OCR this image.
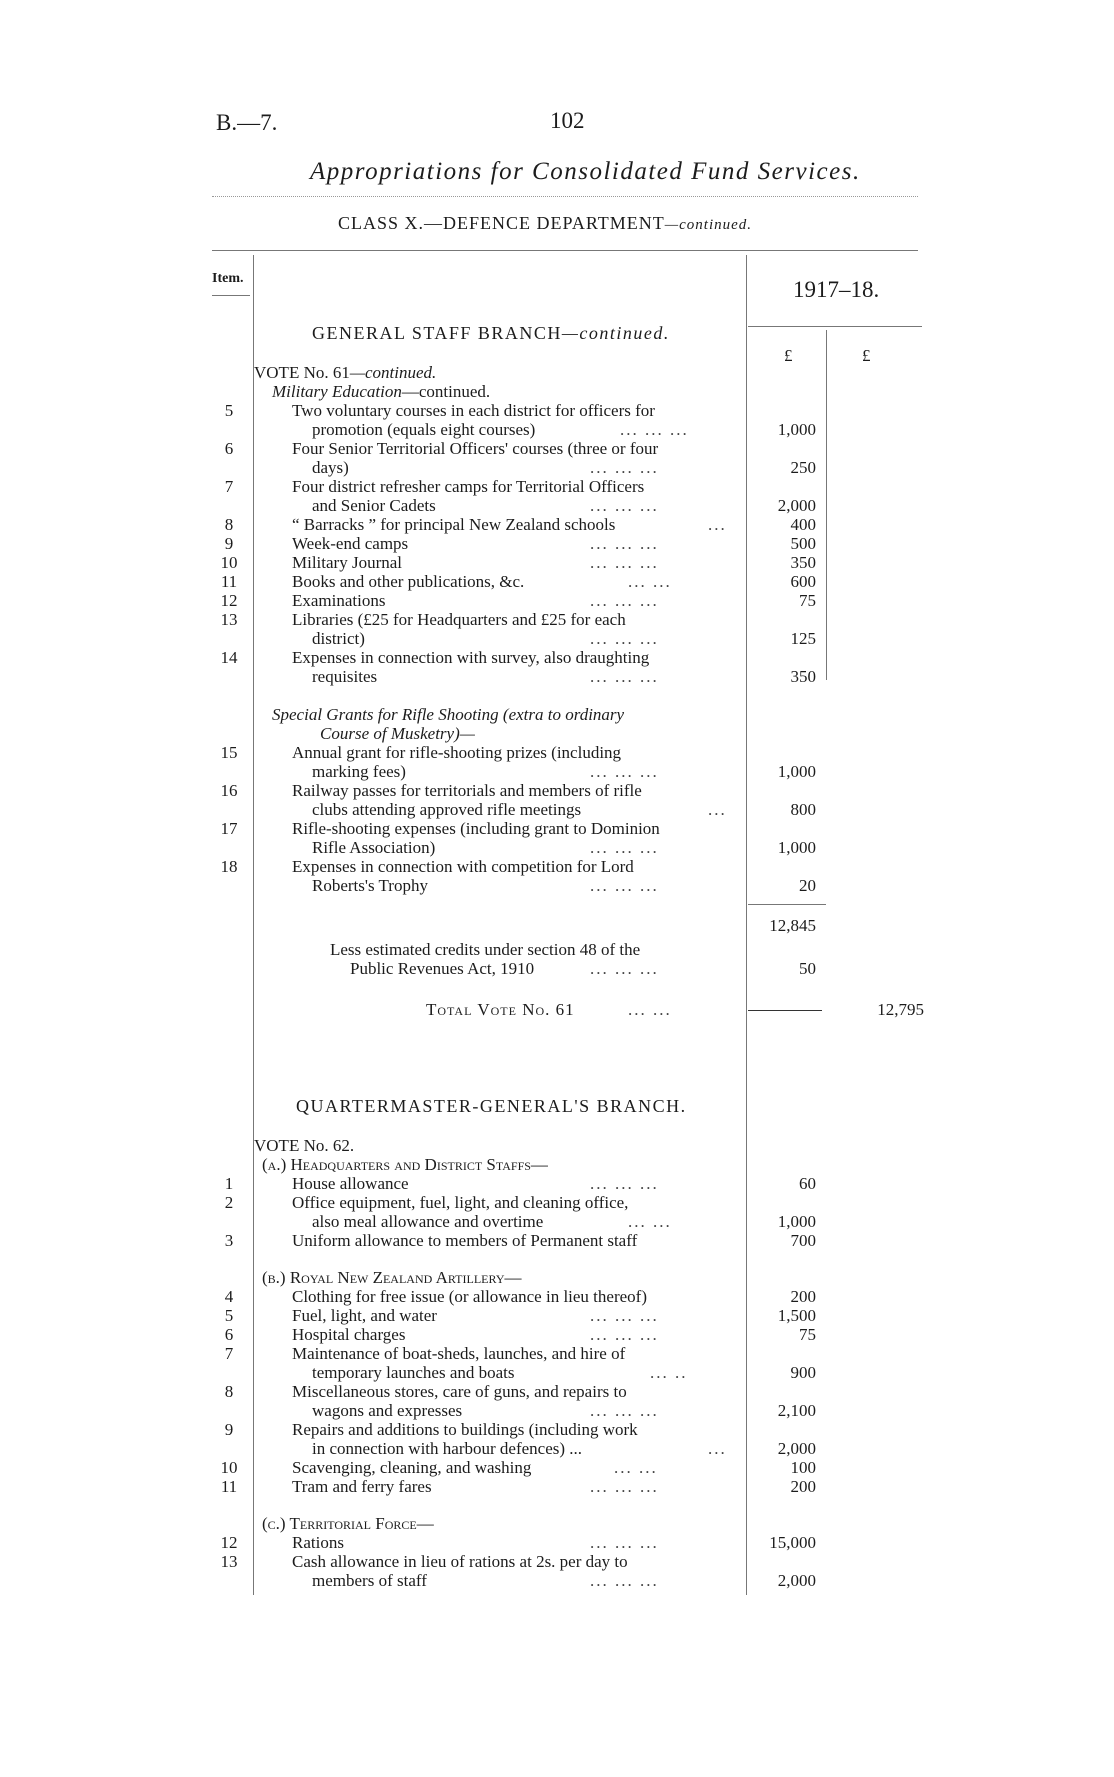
B.—7.	102
Appropriations for Consolidated Fund Services.
CLASS X.—DEFENCE DEPARTMENT—continued.
Item.	1917–18.
£	£
GENERAL STAFF BRANCH—continued.
VOTE No. 61—continued.
Military Education—continued.
5	Two voluntary courses in each district for officers for
promotion (equals eight courses)	... ... ...	1,000
6	Four Senior Territorial Officers' courses (three or four
days)	... ... ...	250
7	Four district refresher camps for Territorial Officers
and Senior Cadets	... ... ...	2,000
8	“ Barracks ” for principal New Zealand schools	...	400
9	Week-end camps	... ... ...	500
10	Military Journal	... ... ...	350
11	Books and other publications, &c.	... ...	600
12	Examinations	... ... ...	75
13	Libraries (£25 for Headquarters and £25 for each
district)	... ... ...	125
14	Expenses in connection with survey, also draughting
requisites	... ... ...	350
Special Grants for Rifle Shooting (extra to ordinary
Course of Musketry)—
15	Annual grant for rifle-shooting prizes (including
marking fees)	... ... ...	1,000
16	Railway passes for territorials and members of rifle
clubs attending approved rifle meetings	...	800
17	Rifle-shooting expenses (including grant to Dominion
Rifle Association)	... ... ...	1,000
18	Expenses in connection with competition for Lord
Roberts's Trophy	... ... ...	20
12,845
Less estimated credits under section 48 of the
Public Revenues Act, 1910	... ... ...	50
Total Vote No. 61	... ...	12,795
QUARTERMASTER-GENERAL'S BRANCH.
VOTE No. 62.
(a.) Headquarters and District Staffs—
1	House allowance	... ... ...	60
2	Office equipment, fuel, light, and cleaning office,
also meal allowance and overtime	... ...	1,000
3	Uniform allowance to members of Permanent staff	700
(b.) Royal New Zealand Artillery—
4	Clothing for free issue (or allowance in lieu thereof)	200
5	Fuel, light, and water	... ... ...	1,500
6	Hospital charges	... ... ...	75
7	Maintenance of boat-sheds, launches, and hire of
temporary launches and boats	... ..	900
8	Miscellaneous stores, care of guns, and repairs to
wagons and expresses	... ... ...	2,100
9	Repairs and additions to buildings (including work
in connection with harbour defences) ...	...	2,000
10	Scavenging, cleaning, and washing	... ...	100
11	Tram and ferry fares	... ... ...	200
(c.) Territorial Force—
12	Rations	... ... ...	15,000
13	Cash allowance in lieu of rations at 2s. per day to
members of staff	... ... ...	2,000
